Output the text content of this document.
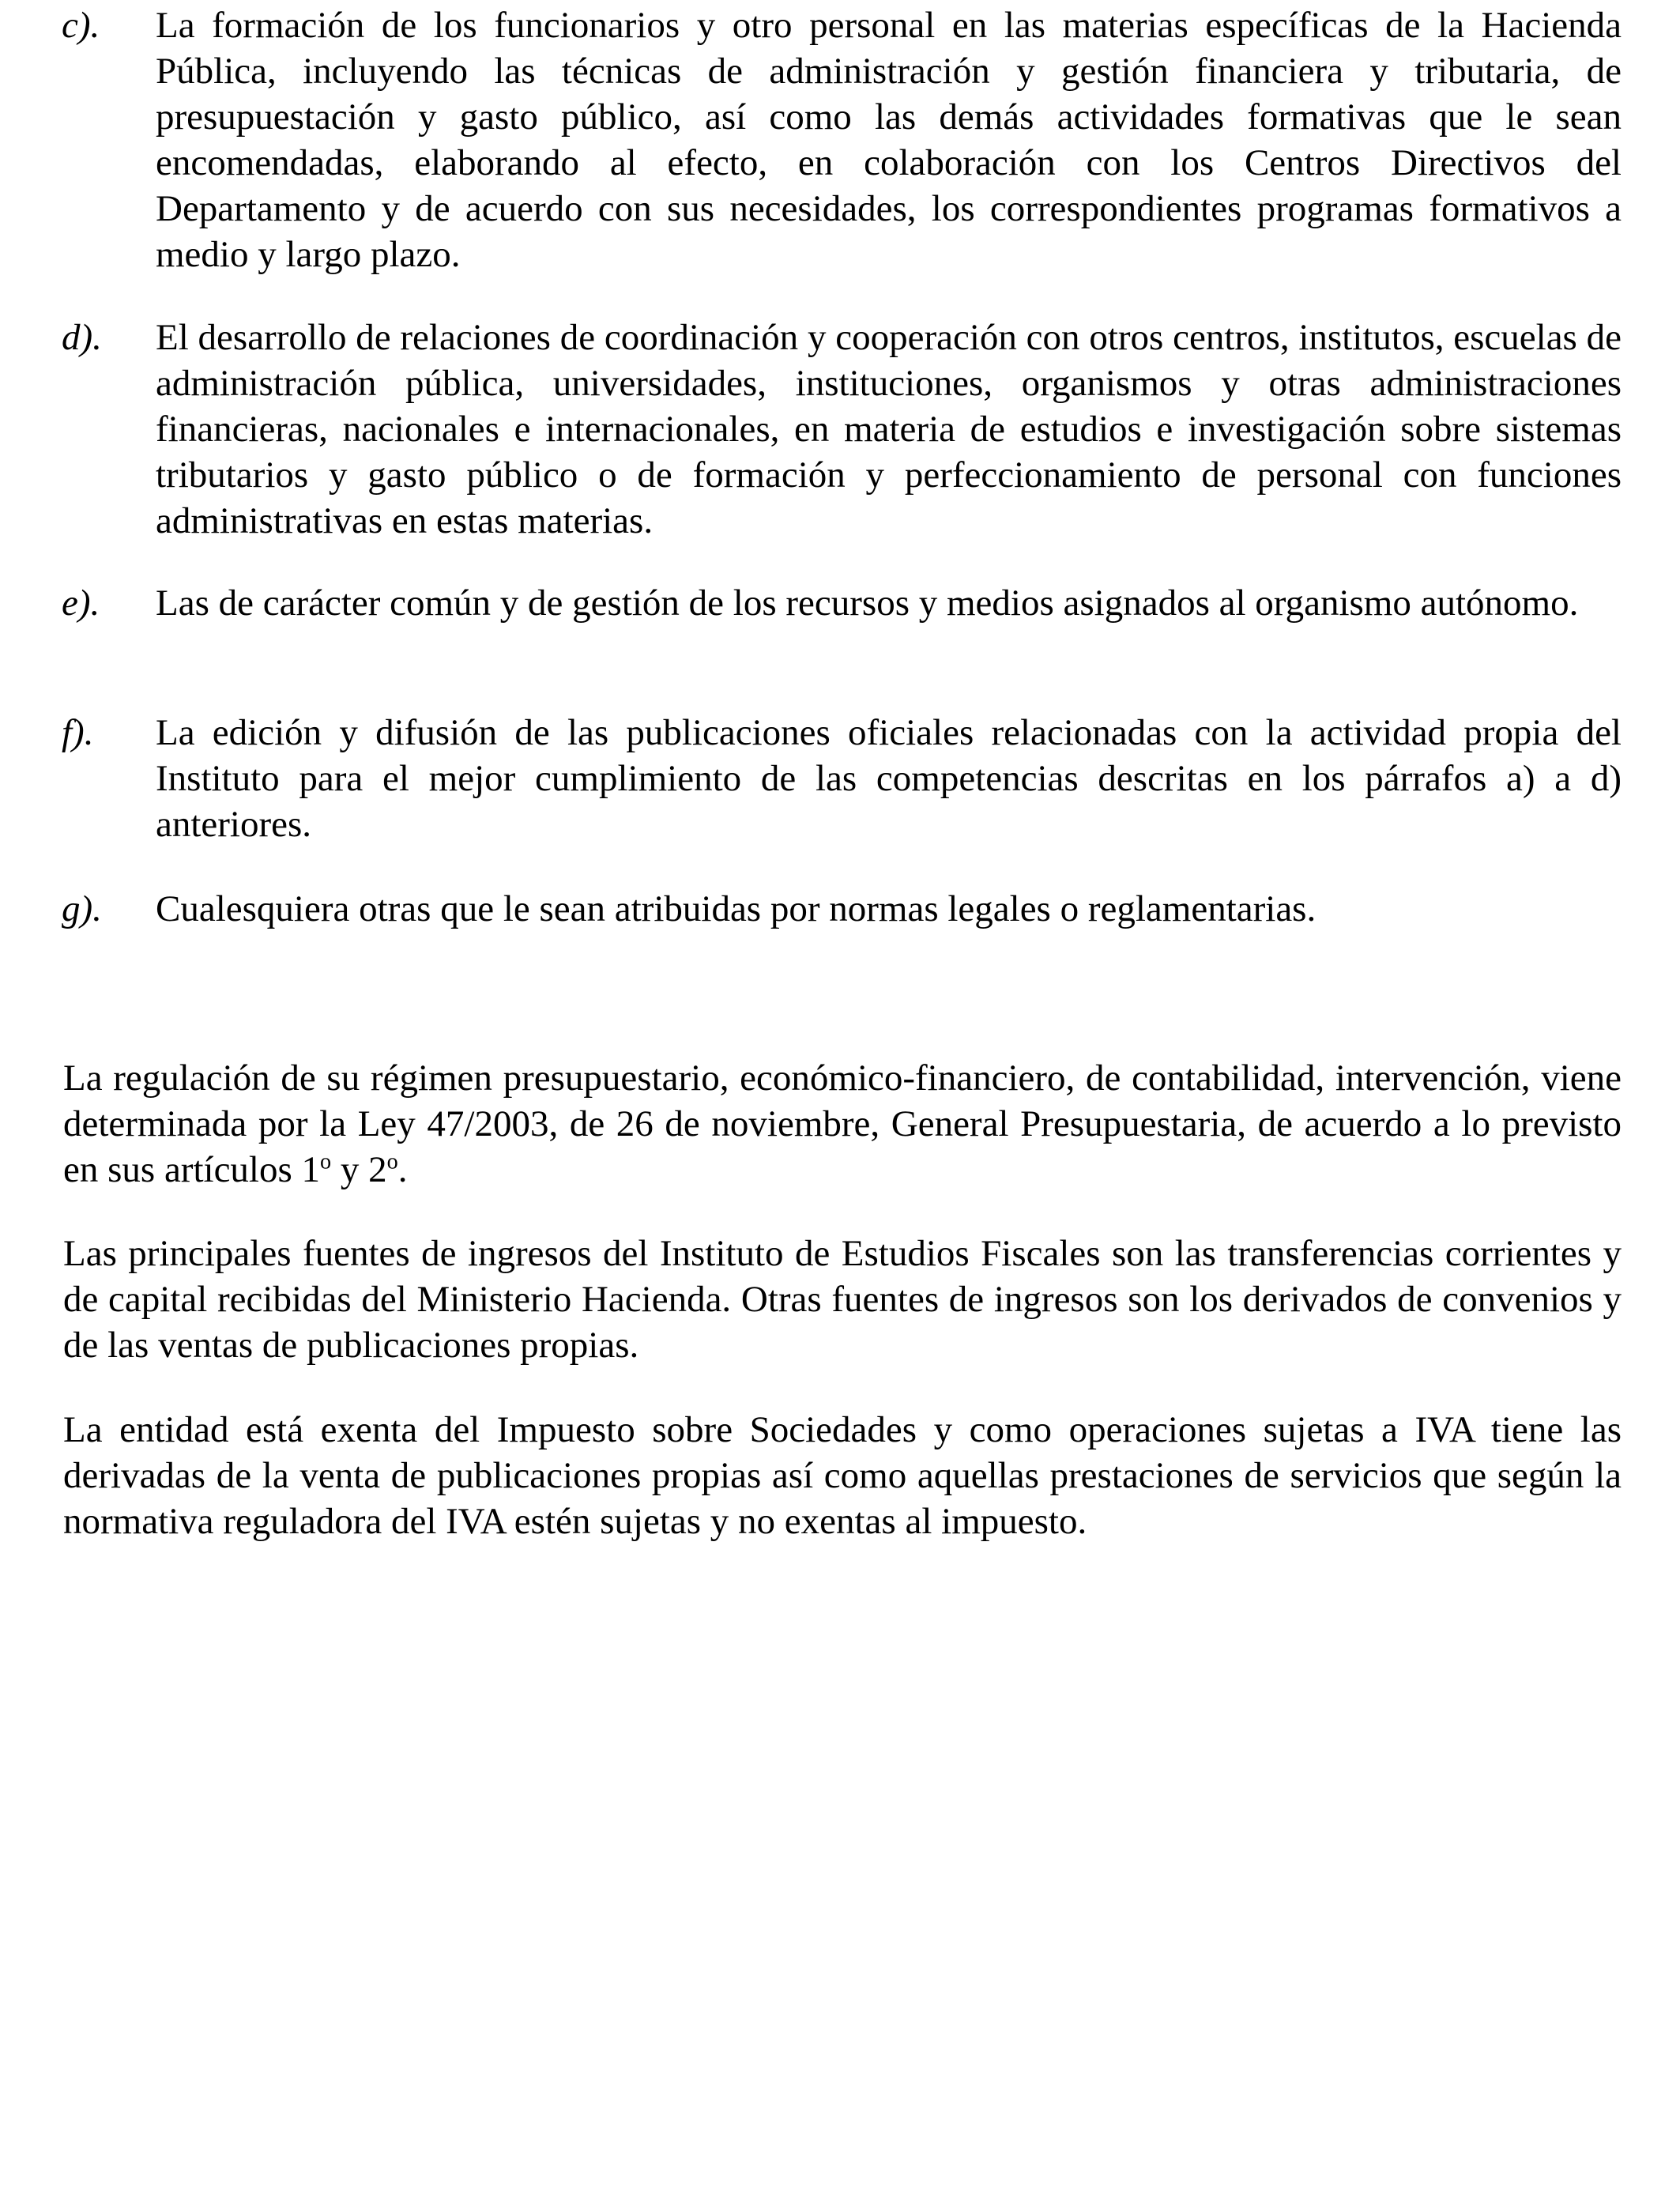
c). La formación de los funcionarios y otro personal en las materias específicas de la Hacienda Pública, incluyendo las técnicas de administración y gestión financiera y tributaria, de presupuestación y gasto público, así como las demás actividades formativas que le sean encomendadas, elaborando al efecto, en colaboración con los Centros Directivos del Departamento y de acuerdo con sus necesidades, los correspondientes programas formativos a medio y largo plazo.

d). El desarrollo de relaciones de coordinación y cooperación con otros centros, institutos, escuelas de administración pública, universidades, instituciones, organismos y otras administraciones financieras, nacionales e internacionales, en materia de estudios e investigación sobre sistemas tributarios y gasto público o de formación y perfeccionamiento de personal con funciones administrativas en estas materias.

e). Las de carácter común y de gestión de los recursos y medios asignados al organismo autónomo.

f). La edición y difusión de las publicaciones oficiales relacionadas con la actividad propia del Instituto para el mejor cumplimiento de las competencias descritas en los párrafos a) a d) anteriores.

g). Cualesquiera otras que le sean atribuidas por normas legales o reglamentarias.

La regulación de su régimen presupuestario, económico-financiero, de contabilidad, intervención, viene determinada por la Ley 47/2003, de 26 de noviembre, General Presupuestaria, de acuerdo a lo previsto en sus artículos 1$^o$ y 2$^o$.

Las principales fuentes de ingresos del Instituto de Estudios Fiscales son las transferencias corrientes y de capital recibidas del Ministerio Hacienda. Otras fuentes de ingresos son los derivados de convenios y de las ventas de publicaciones propias.

La entidad está exenta del Impuesto sobre Sociedades y como operaciones sujetas a IVA tiene las derivadas de la venta de publicaciones propias así como aquellas prestaciones de servicios que según la normativa reguladora del IVA estén sujetas y no exentas al impuesto.
